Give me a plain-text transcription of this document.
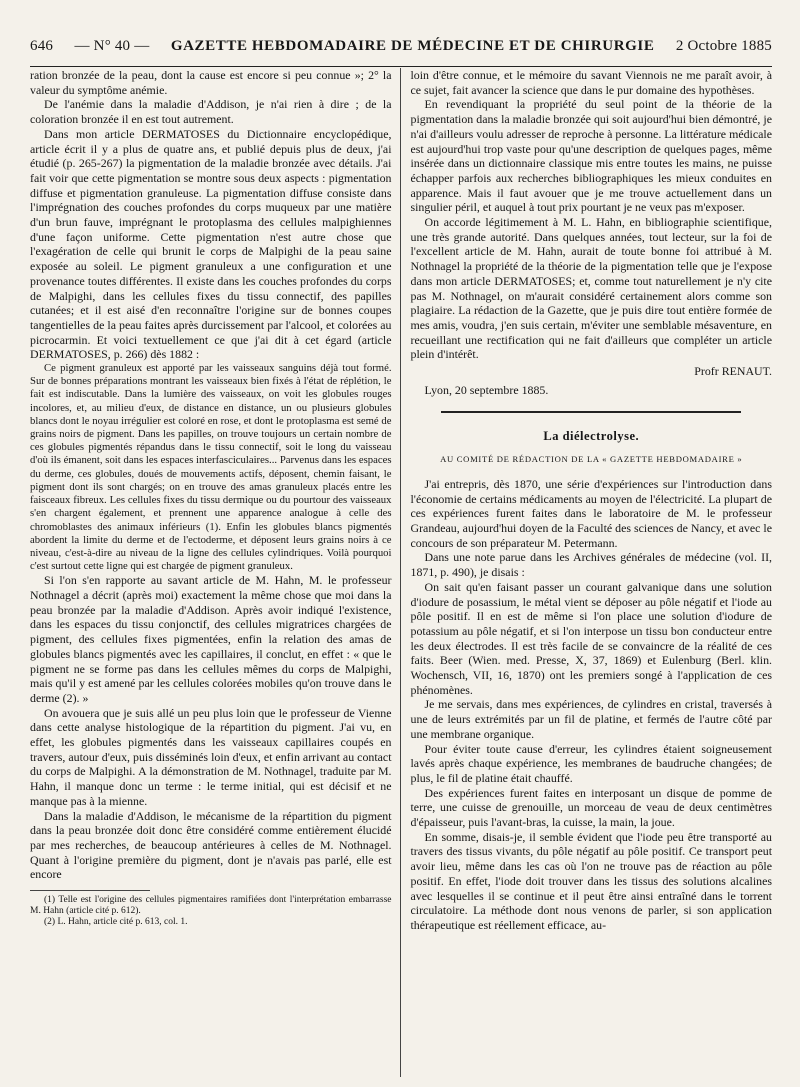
646 — N° 40 — GAZETTE HEBDOMADAIRE DE MÉDECINE ET DE CHIRURGIE 2 Octobre 1885

ration bronzée de la peau, dont la cause est encore si peu connue »; 2° la valeur du symptôme anémie.

De l'anémie dans la maladie d'Addison, je n'ai rien à dire ; de la coloration bronzée il en est tout autrement.

Dans mon article DERMATOSES du Dictionnaire encyclopédique, article écrit il y a plus de quatre ans, et publié depuis plus de deux, j'ai étudié (p. 265-267) la pigmentation de la maladie bronzée avec détails. J'ai fait voir que cette pigmentation se montre sous deux aspects : pigmentation diffuse et pigmentation granuleuse. La pigmentation diffuse consiste dans l'imprégnation des couches profondes du corps muqueux par une matière d'un brun fauve, imprégnant le protoplasma des cellules malpighiennes d'une façon uniforme. Cette pigmentation n'est autre chose que l'exagération de celle qui brunit le corps de Malpighi de la peau saine exposée au soleil. Le pigment granuleux a une configuration et une provenance toutes différentes. Il existe dans les couches profondes du corps de Malpighi, dans les cellules fixes du tissu connectif, des papilles cutanées; et il est aisé d'en reconnaître l'origine sur de bonnes coupes tangentielles de la peau faites après durcissement par l'alcool, et colorées au picrocarmin. Et voici textuellement ce que j'ai dit à cet égard (article DERMATOSES, p. 266) dès 1882 :

Ce pigment granuleux est apporté par les vaisseaux sanguins déjà tout formé. Sur de bonnes préparations montrant les vaisseaux bien fixés à l'état de réplétion, le fait est indiscutable. Dans la lumière des vaisseaux, on voit les globules rouges incolores, et, au milieu d'eux, de distance en distance, un ou plusieurs globules blancs dont le noyau irrégulier est coloré en rose, et dont le protoplasma est semé de grains noirs de pigment. Dans les papilles, on trouve toujours un certain nombre de ces globules pigmentés répandus dans le tissu connectif, soit le long du vaisseau d'où ils émanent, soit dans les espaces interfasciculaires... Parvenus dans les espaces du derme, ces globules, doués de mouvements actifs, déposent, chemin faisant, le pigment dont ils sont chargés; on en trouve des amas granuleux placés entre les faisceaux fibreux. Les cellules fixes du tissu dermique ou du pourtour des vaisseaux s'en chargent également, et prennent une apparence analogue à celle des chromoblastes des animaux inférieurs (1). Enfin les globules blancs pigmentés abordent la limite du derme et de l'ectoderme, et déposent leurs grains noirs à ce niveau, c'est-à-dire au niveau de la ligne des cellules cylindriques. Voilà pourquoi c'est surtout cette ligne qui est chargée de pigment granuleux.

Si l'on s'en rapporte au savant article de M. Hahn, M. le professeur Nothnagel a décrit (après moi) exactement la même chose que moi dans la peau bronzée par la maladie d'Addison. Après avoir indiqué l'existence, dans les espaces du tissu conjonctif, des cellules migratrices chargées de pigment, des cellules fixes pigmentées, enfin la relation des amas de globules blancs pigmentés avec les capillaires, il conclut, en effet : « que le pigment ne se forme pas dans les cellules mêmes du corps de Malpighi, mais qu'il y est amené par les cellules colorées mobiles qu'on trouve dans le derme (2). »

On avouera que je suis allé un peu plus loin que le professeur de Vienne dans cette analyse histologique de la répartition du pigment. J'ai vu, en effet, les globules pigmentés dans les vaisseaux capillaires coupés en travers, autour d'eux, puis disséminés loin d'eux, et enfin arrivant au contact du corps de Malpighi. A la démonstration de M. Nothnagel, traduite par M. Hahn, il manque donc un terme : le terme initial, qui est décisif et ne manque pas à la mienne.

Dans la maladie d'Addison, le mécanisme de la répartition du pigment dans la peau bronzée doit donc être considéré comme entièrement élucidé par mes recherches, de beaucoup antérieures à celles de M. Nothnagel. Quant à l'origine première du pigment, dont je n'avais pas parlé, elle est encore

(1) Telle est l'origine des cellules pigmentaires ramifiées dont l'interprétation embarrasse M. Hahn (article cité p. 612).

(2) L. Hahn, article cité p. 613, col. 1.

loin d'être connue, et le mémoire du savant Viennois ne me paraît avoir, à ce sujet, fait avancer la science que dans le pur domaine des hypothèses.

En revendiquant la propriété du seul point de la théorie de la pigmentation dans la maladie bronzée qui soit aujourd'hui bien démontré, je n'ai d'ailleurs voulu adresser de reproche à personne. La littérature médicale est aujourd'hui trop vaste pour qu'une description de quelques pages, même insérée dans un dictionnaire classique mis entre toutes les mains, ne puisse échapper parfois aux recherches bibliographiques les mieux conduites en apparence. Mais il faut avouer que je me trouve actuellement dans un singulier péril, et auquel à tout prix pourtant je ne veux pas m'exposer.

On accorde légitimement à M. L. Hahn, en bibliographie scientifique, une très grande autorité. Dans quelques années, tout lecteur, sur la foi de l'excellent article de M. Hahn, aurait de toute bonne foi attribué à M. Nothnagel la propriété de la théorie de la pigmentation telle que je l'expose dans mon article DERMATOSES; et, comme tout naturellement je n'y cite pas M. Nothnagel, on m'aurait considéré certainement alors comme son plagiaire. La rédaction de la Gazette, que je puis dire tout entière formée de mes amis, voudra, j'en suis certain, m'éviter une semblable mésaventure, en recueillant une rectification qui ne fait d'ailleurs que compléter un article plein d'intérêt.

Profr RENAUT.
Lyon, 20 septembre 1885.
La diélectrolyse.
AU COMITÉ DE RÉDACTION DE LA « GAZETTE HEBDOMADAIRE »

J'ai entrepris, dès 1870, une série d'expériences sur l'introduction dans l'économie de certains médicaments au moyen de l'électricité. La plupart de ces expériences furent faites dans le laboratoire de M. le professeur Grandeau, aujourd'hui doyen de la Faculté des sciences de Nancy, et avec le concours de son préparateur M. Petermann.

Dans une note parue dans les Archives générales de médecine (vol. II, 1871, p. 490), je disais :

On sait qu'en faisant passer un courant galvanique dans une solution d'iodure de posassium, le métal vient se déposer au pôle négatif et l'iode au pôle positif. Il en est de même si l'on place une solution d'iodure de potassium au pôle négatif, et si l'on interpose un tissu bon conducteur entre les deux électrodes. Il est très facile de se convaincre de la réalité de ces faits. Beer (Wien. med. Presse, X, 37, 1869) et Eulenburg (Berl. klin. Wochensch, VII, 16, 1870) ont les premiers songé à l'application de ces phénomènes.

Je me servais, dans mes expériences, de cylindres en cristal, traversés à une de leurs extrémités par un fil de platine, et fermés de l'autre côté par une membrane organique.

Pour éviter toute cause d'erreur, les cylindres étaient soigneusement lavés après chaque expérience, les membranes de baudruche changées; de plus, le fil de platine était chauffé.

Des expériences furent faites en interposant un disque de pomme de terre, une cuisse de grenouille, un morceau de veau de deux centimètres d'épaisseur, puis l'avant-bras, la cuisse, la main, la joue.

En somme, disais-je, il semble évident que l'iode peu être transporté au travers des tissus vivants, du pôle négatif au pôle positif. Ce transport peut avoir lieu, même dans les cas où l'on ne trouve pas de réaction au pôle positif. En effet, l'iode doit trouver dans les tissus des solutions alcalines avec lesquelles il se continue et il peut être ainsi entraîné dans le torrent circulatoire. La méthode dont nous venons de parler, si son application thérapeutique est réellement efficace, au-
